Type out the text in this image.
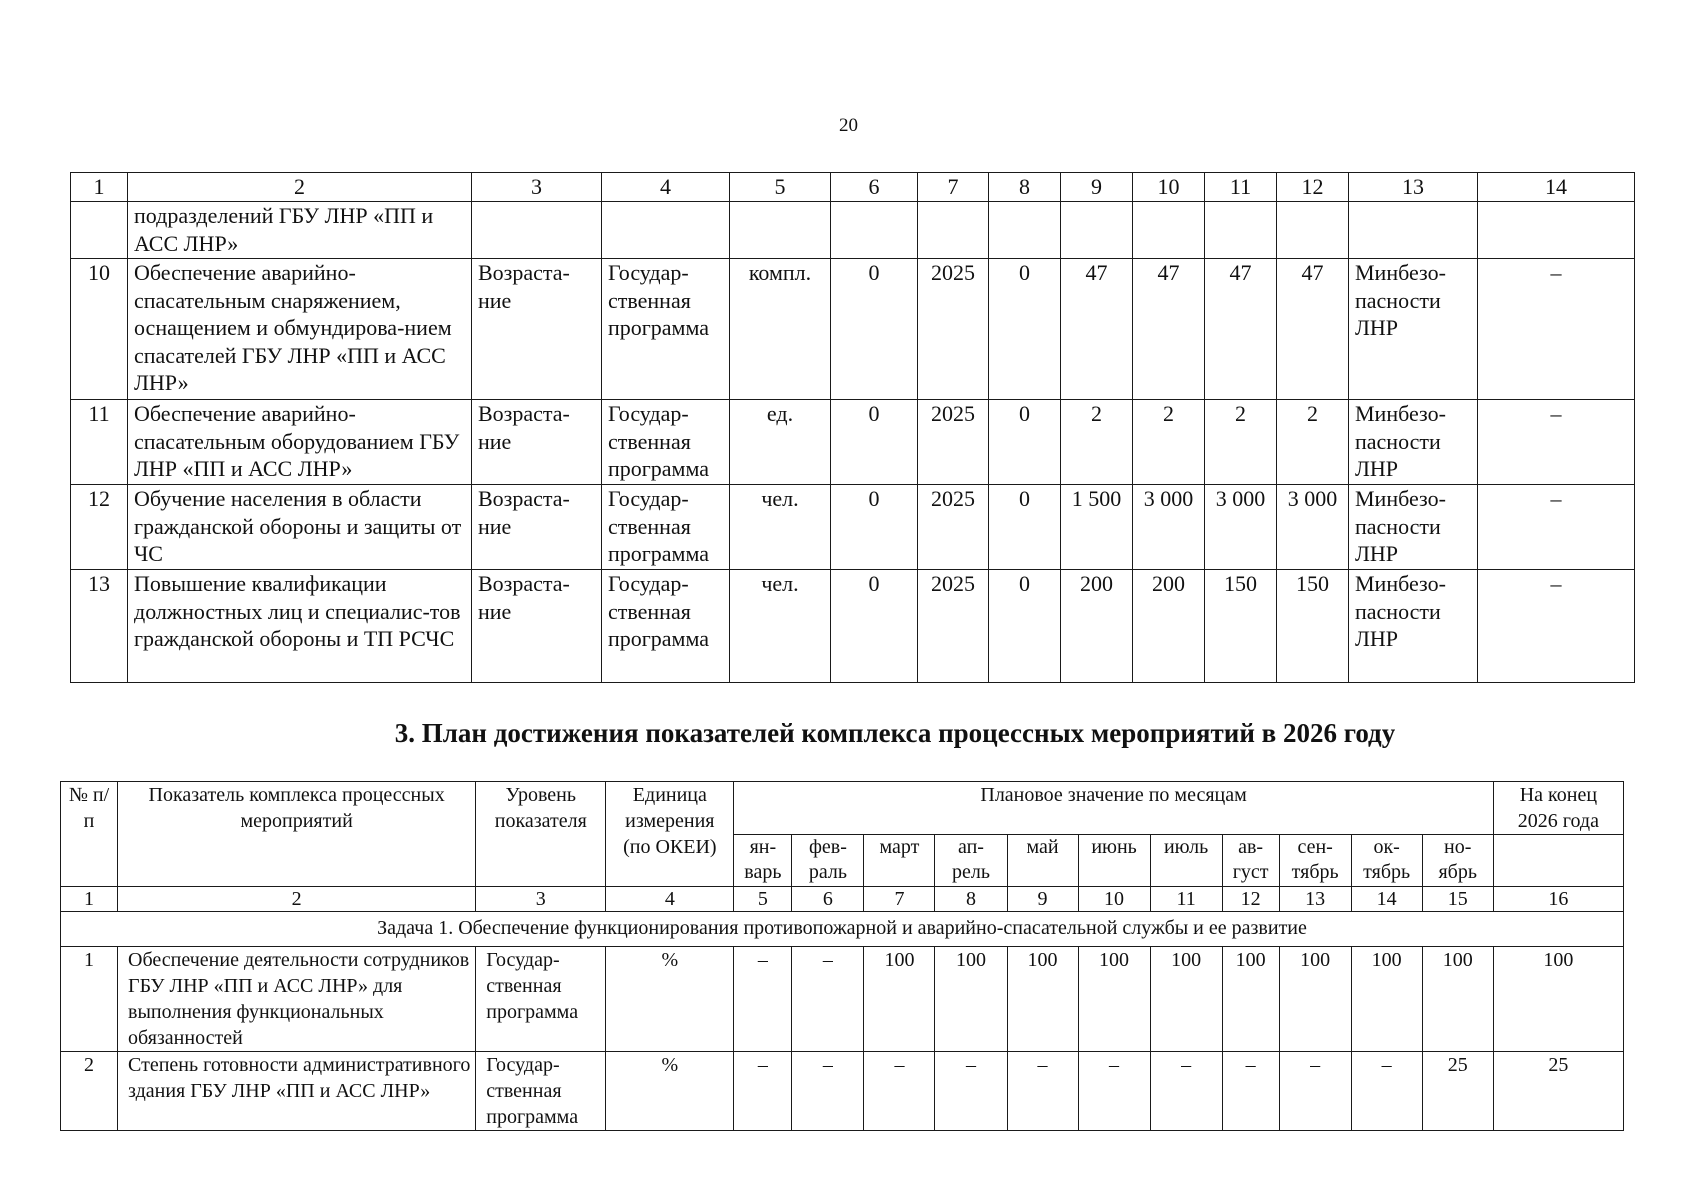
20
1	2	3	4	5	6	7	8	9	10	11	12	13	14
	подразделений ГБУ ЛНР «ПП и АСС ЛНР»												
10	Обеспечение аварийно-спасательным снаряжением, оснащением и обмундирова-нием спасателей ГБУ ЛНР «ПП и АСС ЛНР»	Возраста-ние	Государ-ственная программа	компл.	0	2025	0	47	47	47	47	Минбезо-пасности ЛНР	–
11	Обеспечение аварийно-спасательным оборудованием ГБУ ЛНР «ПП и АСС ЛНР»	Возраста-ние	Государ-ственная программа	ед.	0	2025	0	2	2	2	2	Минбезо-пасности ЛНР	–
12	Обучение населения в области гражданской обороны и защиты от ЧС	Возраста-ние	Государ-ственная программа	чел.	0	2025	0	1 500	3 000	3 000	3 000	Минбезо-пасности ЛНР	–
13	Повышение квалификации должностных лиц и специалис-тов гражданской обороны и ТП РСЧС	Возраста-ние	Государ-ственная программа	чел.	0	2025	0	200	200	150	150	Минбезо-пасности ЛНР	–
3. План достижения показателей комплекса процессных мероприятий в 2026 году
№ п/п	Показатель комплекса процессных мероприятий	Уровень показателя	Единица измерения (по ОКЕИ)	Плановое значение по месяцам											На конец 2026 года
				ян-варь	фев-раль	март	ап-рель	май	июнь	июль	ав-густ	сен-тябрь	ок-тябрь	но-ябрь	
1	2	3	4	5	6	7	8	9	10	11	12	13	14	15	16
Задача 1. Обеспечение функционирования противопожарной и аварийно-спасательной службы и ее развитие															
1	Обеспечение деятельности сотрудников ГБУ ЛНР «ПП и АСС ЛНР» для выполнения функциональных обязанностей	Государ-ственная программа	%	–	–	100	100	100	100	100	100	100	100	100	100
2	Степень готовности административного здания ГБУ ЛНР «ПП и АСС ЛНР»	Государ-ственная программа	%	–	–	–	–	–	–	–	–	–	–	25	25
